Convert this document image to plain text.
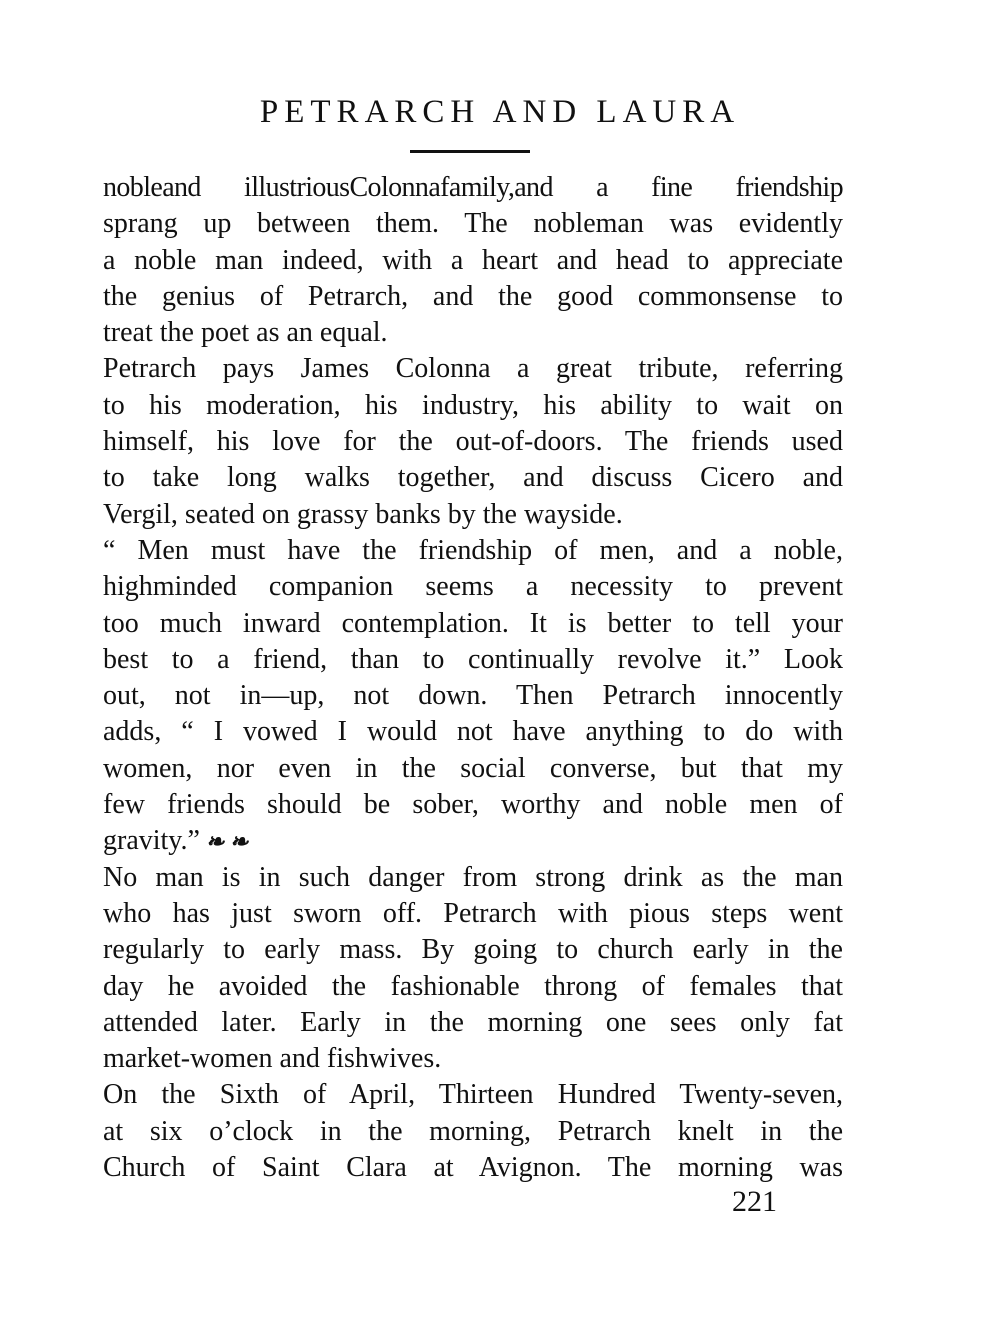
PETRARCH AND LAURA
nobleand illustriousColonnafamily,and a fine friendship
sprang up between them. The nobleman was evidently
a noble man indeed, with a heart and head to appreciate
the genius of Petrarch, and the good commonsense to
treat the poet as an equal.
Petrarch pays James Colonna a great tribute, referring
to his moderation, his industry, his ability to wait on
himself, his love for the out-of-doors. The friends used
to take long walks together, and discuss Cicero and
Vergil, seated on grassy banks by the wayside.
“ Men must have the friendship of men, and a noble,
highminded companion seems a necessity to prevent
too much inward contemplation. It is better to tell your
best to a friend, than to continually revolve it.” Look
out, not in—up, not down. Then Petrarch innocently
adds, “ I vowed I would not have anything to do with
women, nor even in the social converse, but that my
few friends should be sober, worthy and noble men of
gravity.” ❧ ❧
No man is in such danger from strong drink as the man
who has just sworn off. Petrarch with pious steps went
regularly to early mass. By going to church early in the
day he avoided the fashionable throng of females that
attended later. Early in the morning one sees only fat
market-women and fishwives.
On the Sixth of April, Thirteen Hundred Twenty-seven,
at six o’clock in the morning, Petrarch knelt in the
Church of Saint Clara at Avignon. The morning was
221
